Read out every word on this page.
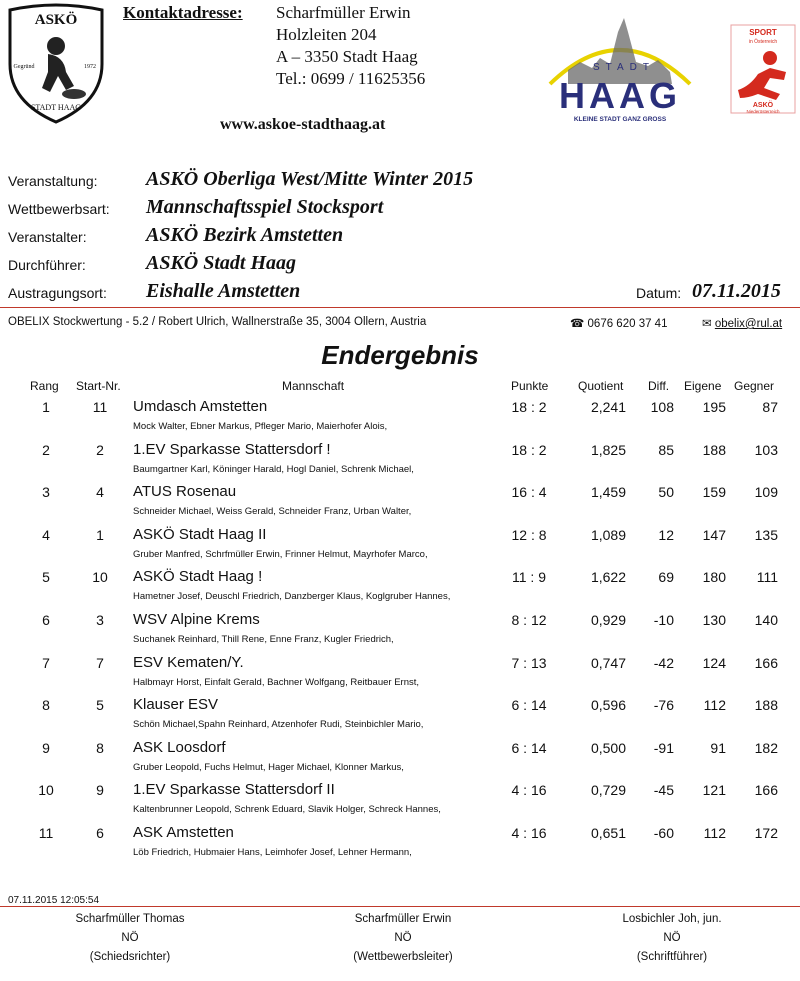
ASKÖ
Gegründ	1972
STADT HAAG
Kontaktadresse: Scharfmüller Erwin
Holzleiten 204
A – 3350 Stadt Haag
Tel.: 0699 / 11625356
www.askoe-stadthaag.at
STADT
HAAG
KLEINE STADT GANZ GROSS
SPORT
in Österreich
ASKÖ
Niederösterreich
Veranstaltung: ASKÖ Oberliga West/Mitte Winter 2015
Wettbewerbsart: Mannschaftsspiel Stocksport
Veranstalter:	ASKÖ Bezirk Amstetten
Durchführer:	ASKÖ Stadt Haag
Austragungsort: Eishalle Amstetten	Datum: 07.11.2015
OBELIX Stockwertung - 5.2 / Robert Ulrich, Wallnerstraße 35, 3004 Ollern, Austria	☎ 0676 620 37 41	✉ obelix@rul.at
Endergebnis
Rang Start-Nr.	Mannschaft	Punkte Quotient Diff. Eigene Gegner
1	11	Umdasch Amstetten	18 : 2	2,241	108	195	87
Mock Walter, Ebner Markus, Pfleger Mario, Maierhofer Alois,
2	2	1.EV Sparkasse Stattersdorf !	18 : 2	1,825	85	188	103
Baumgartner Karl, Köninger Harald, Hogl Daniel, Schrenk Michael,
3	4	ATUS Rosenau	16 : 4	1,459	50	159	109
Schneider Michael, Weiss Gerald, Schneider Franz, Urban Walter,
4	1	ASKÖ Stadt Haag II	12 : 8	1,089	12	147	135
Gruber Manfred, Schrfmüller Erwin, Frinner Helmut, Mayrhofer Marco,
5	10	ASKÖ Stadt Haag !	11 : 9	1,622	69	180	111
Hametner Josef, Deuschl Friedrich, Danzberger Klaus, Koglgruber Hannes,
6	3	WSV Alpine Krems	8 : 12	0,929	-10	130	140
Suchanek Reinhard, Thill Rene, Enne Franz, Kugler Friedrich,
7	7	ESV Kematen/Y.	7 : 13	0,747	-42	124	166
Halbmayr Horst, Einfalt Gerald, Bachner Wolfgang, Reitbauer Ernst,
8	5	Klauser ESV	6 : 14	0,596	-76	112	188
Schön Michael,Spahn Reinhard, Atzenhofer Rudi, Steinbichler Mario,
9	8	ASK Loosdorf	6 : 14	0,500	-91	91	182
Gruber Leopold, Fuchs Helmut, Hager Michael, Klonner Markus,
10	9	1.EV Sparkasse Stattersdorf II	4 : 16	0,729	-45	121	166
Kaltenbrunner Leopold, Schrenk Eduard, Slavik Holger, Schreck Hannes,
11	6	ASK Amstetten	4 : 16	0,651	-60	112	172
Löb Friedrich, Hubmaier Hans, Leimhofer Josef, Lehner Hermann,
07.11.2015 12:05:54
Scharfmüller Thomas
NÖ
(Schiedsrichter)
Scharfmüller Erwin
NÖ
(Wettbewerbsleiter)
Losbichler Joh, jun.
NÖ
(Schriftführer)
